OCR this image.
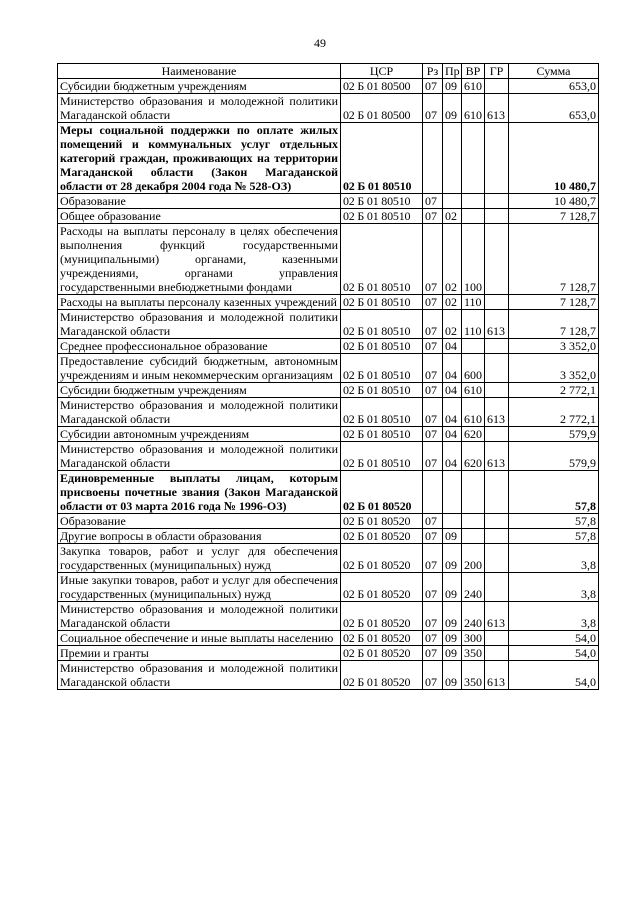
49
Наименование	ЦСР	Рз	Пр	ВР	ГР	Сумма
Субсидии бюджетным учреждениям	02 Б 01 80500	07	09	610		653,0
Министерство образования и молодежной политики Магаданской области	02 Б 01 80500	07	09	610	613	653,0
Меры социальной поддержки по оплате жилых помещений и коммунальных услуг отдельных категорий граждан, проживающих на территории Магаданской области (Закон Магаданской области от 28 декабря 2004 года № 528-ОЗ)	02 Б 01 80510					10 480,7
Образование	02 Б 01 80510	07				10 480,7
Общее образование	02 Б 01 80510	07	02			7 128,7
Расходы на выплаты персоналу в целях обеспечения выполнения функций государственными (муниципальными) органами, казенными учреждениями, органами управления государственными внебюджетными фондами	02 Б 01 80510	07	02	100		7 128,7
Расходы на выплаты персоналу казенных учреждений	02 Б 01 80510	07	02	110		7 128,7
Министерство образования и молодежной политики Магаданской области	02 Б 01 80510	07	02	110	613	7 128,7
Среднее профессиональное образование	02 Б 01 80510	07	04			3 352,0
Предоставление субсидий бюджетным, автономным учреждениям и иным некоммерческим организациям	02 Б 01 80510	07	04	600		3 352,0
Субсидии бюджетным учреждениям	02 Б 01 80510	07	04	610		2 772,1
Министерство образования и молодежной политики Магаданской области	02 Б 01 80510	07	04	610	613	2 772,1
Субсидии автономным учреждениям	02 Б 01 80510	07	04	620		579,9
Министерство образования и молодежной политики Магаданской области	02 Б 01 80510	07	04	620	613	579,9
Единовременные выплаты лицам, которым присвоены почетные звания (Закон Магаданской области от 03 марта 2016 года № 1996-ОЗ)	02 Б 01 80520					57,8
Образование	02 Б 01 80520	07				57,8
Другие вопросы в области образования	02 Б 01 80520	07	09			57,8
Закупка товаров, работ и услуг для обеспечения государственных (муниципальных) нужд	02 Б 01 80520	07	09	200		3,8
Иные закупки товаров, работ и услуг для обеспечения государственных (муниципальных) нужд	02 Б 01 80520	07	09	240		3,8
Министерство образования и молодежной политики Магаданской области	02 Б 01 80520	07	09	240	613	3,8
Социальное обеспечение и иные выплаты населению	02 Б 01 80520	07	09	300		54,0
Премии и гранты	02 Б 01 80520	07	09	350		54,0
Министерство образования и молодежной политики Магаданской области	02 Б 01 80520	07	09	350	613	54,0
